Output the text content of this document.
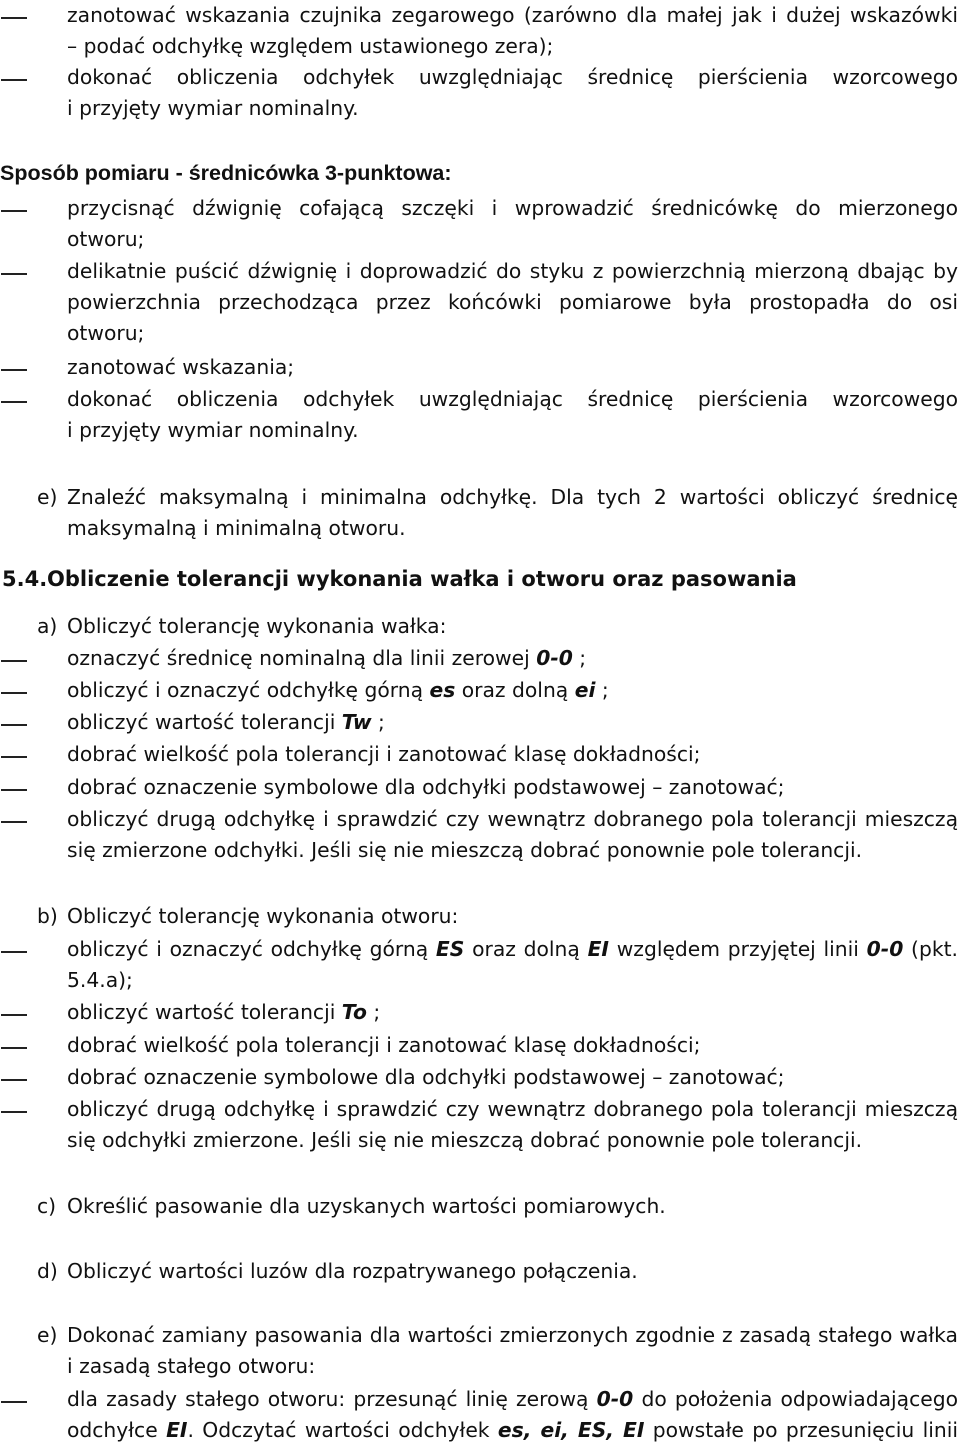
zanotować wskazania czujnika zegarowego (zarówno dla małej jak i dużej wskazówki
– podać odchyłkę względem ustawionego zera);
dokonać obliczenia odchyłek uwzględniając średnicę pierścienia wzorcowego
i przyjęty wymiar nominalny.
Sposób pomiaru - średnicówka 3-punktowa:
przycisnąć dźwignię cofającą szczęki i wprowadzić średnicówkę do mierzonego
otworu;
delikatnie puścić dźwignię i doprowadzić do styku z powierzchnią mierzoną dbając by
powierzchnia przechodząca przez końcówki pomiarowe była prostopadła do osi
otworu;
zanotować wskazania;
dokonać obliczenia odchyłek uwzględniając średnicę pierścienia wzorcowego
i przyjęty wymiar nominalny.
e) Znaleźć maksymalną i minimalna odchyłkę. Dla tych 2 wartości obliczyć średnicę
maksymalną i minimalną otworu.
5.4. Obliczenie tolerancji wykonania wałka i otworu oraz pasowania
a) Obliczyć tolerancję wykonania wałka:
oznaczyć średnicę nominalną dla linii zerowej 0-0 ;
obliczyć i oznaczyć odchyłkę górną es oraz dolną ei ;
obliczyć wartość tolerancji Tw ;
dobrać wielkość pola tolerancji i zanotować klasę dokładności;
dobrać oznaczenie symbolowe dla odchyłki podstawowej – zanotować;
obliczyć drugą odchyłkę i sprawdzić czy wewnątrz dobranego pola tolerancji mieszczą
się zmierzone odchyłki. Jeśli się nie mieszczą dobrać ponownie pole tolerancji.
b) Obliczyć tolerancję wykonania otworu:
obliczyć i oznaczyć odchyłkę górną ES oraz dolną EI względem przyjętej linii 0-0 (pkt.
5.4.a);
obliczyć wartość tolerancji To ;
dobrać wielkość pola tolerancji i zanotować klasę dokładności;
dobrać oznaczenie symbolowe dla odchyłki podstawowej – zanotować;
obliczyć drugą odchyłkę i sprawdzić czy wewnątrz dobranego pola tolerancji mieszczą
się odchyłki zmierzone. Jeśli się nie mieszczą dobrać ponownie pole tolerancji.
c) Określić pasowanie dla uzyskanych wartości pomiarowych.
d) Obliczyć wartości luzów dla rozpatrywanego połączenia.
e) Dokonać zamiany pasowania dla wartości zmierzonych zgodnie z zasadą stałego wałka
i zasadą stałego otworu:
dla zasady stałego otworu: przesunąć linię zerową 0-0 do położenia odpowiadającego
odchyłce EI. Odczytać wartości odchyłek es, ei, ES, EI powstałe po przesunięciu linii
